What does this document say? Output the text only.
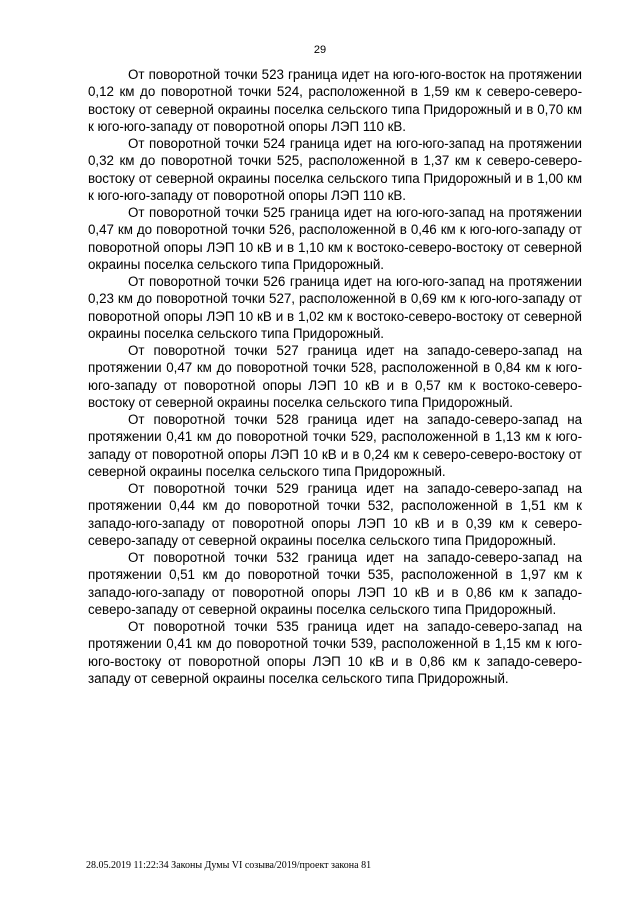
29

От поворотной точки 523 граница идет на юго-юго-восток на протяжении 0,12 км до поворотной точки 524, расположенной в 1,59 км к северо-северо-востоку от северной окраины поселка сельского типа Придорожный и в 0,70 км к юго-юго-западу от поворотной опоры ЛЭП 110 кВ.

От поворотной точки 524 граница идет на юго-юго-запад на протяжении 0,32 км до поворотной точки 525, расположенной в 1,37 км к северо-северо-востоку от северной окраины поселка сельского типа Придорожный и в 1,00 км к юго-юго-западу от поворотной опоры ЛЭП 110 кВ.

От поворотной точки 525 граница идет на юго-юго-запад на протяжении 0,47 км до поворотной точки 526, расположенной в 0,46 км к юго-юго-западу от поворотной опоры ЛЭП 10 кВ и в 1,10 км к востоко-северо-востоку от северной окраины поселка сельского типа Придорожный.

От поворотной точки 526 граница идет на юго-юго-запад на протяжении 0,23 км до поворотной точки 527, расположенной в 0,69 км к юго-юго-западу от поворотной опоры ЛЭП 10 кВ и в 1,02 км к востоко-северо-востоку от северной окраины поселка сельского типа Придорожный.

От поворотной точки 527 граница идет на западо-северо-запад на протяжении 0,47 км до поворотной точки 528, расположенной в 0,84 км к юго-юго-западу от поворотной опоры ЛЭП 10 кВ и в 0,57 км к востоко-северо-востоку от северной окраины поселка сельского типа Придорожный.

От поворотной точки 528 граница идет на западо-северо-запад на протяжении 0,41 км до поворотной точки 529, расположенной в 1,13 км к юго-западу от поворотной опоры ЛЭП 10 кВ и в 0,24 км к северо-северо-востоку от северной окраины поселка сельского типа Придорожный.

От поворотной точки 529 граница идет на западо-северо-запад на протяжении 0,44 км до поворотной точки 532, расположенной в 1,51 км к западо-юго-западу от поворотной опоры ЛЭП 10 кВ и в 0,39 км к северо-северо-западу от северной окраины поселка сельского типа Придорожный.

От поворотной точки 532 граница идет на западо-северо-запад на протяжении 0,51 км до поворотной точки 535, расположенной в 1,97 км к западо-юго-западу от поворотной опоры ЛЭП 10 кВ и в 0,86 км к западо-северо-западу от северной окраины поселка сельского типа Придорожный.

От поворотной точки 535 граница идет на западо-северо-запад на протяжении 0,41 км до поворотной точки 539, расположенной в 1,15 км к юго-юго-востоку от поворотной опоры ЛЭП 10 кВ и в 0,86 км к западо-северо-западу от северной окраины поселка сельского типа Придорожный.

28.05.2019 11:22:34 Законы Думы VI созыва/2019/проект закона 81
